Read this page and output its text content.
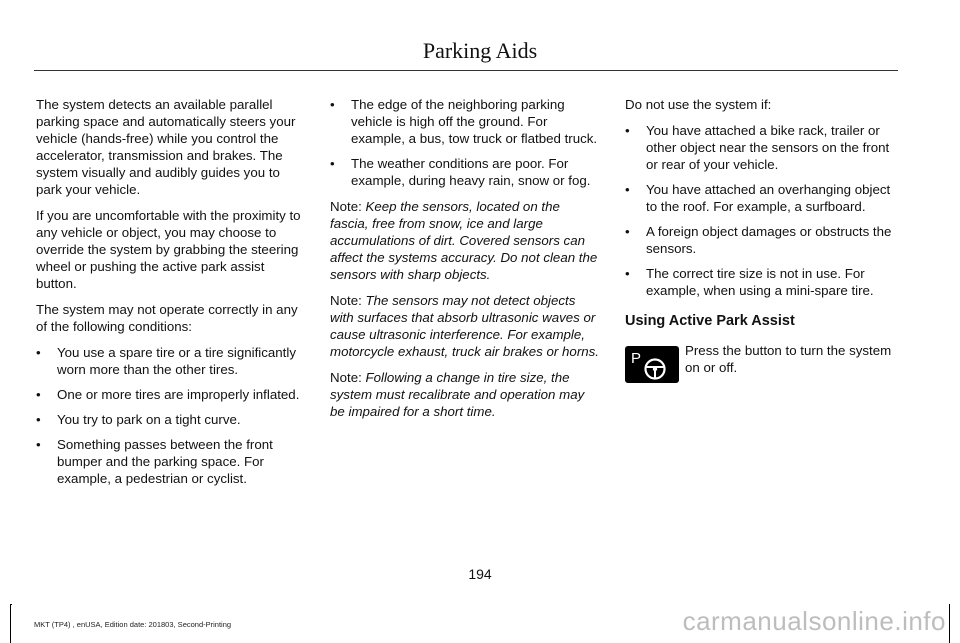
Parking Aids

The system detects an available parallel parking space and automatically steers your vehicle (hands-free) while you control the accelerator, transmission and brakes. The system visually and audibly guides you to park your vehicle.

If you are uncomfortable with the proximity to any vehicle or object, you may choose to override the system by grabbing the steering wheel or pushing the active park assist button.

The system may not operate correctly in any of the following conditions:

• You use a spare tire or a tire significantly worn more than the other tires.
• One or more tires are improperly inflated.
• You try to park on a tight curve.
• Something passes between the front bumper and the parking space. For example, a pedestrian or cyclist.
• The edge of the neighboring parking vehicle is high off the ground. For example, a bus, tow truck or flatbed truck.
• The weather conditions are poor. For example, during heavy rain, snow or fog.

Note: Keep the sensors, located on the fascia, free from snow, ice and large accumulations of dirt. Covered sensors can affect the systems accuracy. Do not clean the sensors with sharp objects.

Note: The sensors may not detect objects with surfaces that absorb ultrasonic waves or cause ultrasonic interference. For example, motorcycle exhaust, truck air brakes or horns.

Note: Following a change in tire size, the system must recalibrate and operation may be impaired for a short time.

Do not use the system if:

• You have attached a bike rack, trailer or other object near the sensors on the front or rear of your vehicle.
• You have attached an overhanging object to the roof. For example, a surfboard.
• A foreign object damages or obstructs the sensors.
• The correct tire size is not in use. For example, when using a mini-spare tire.
Using Active Park Assist
P	Press the button to turn the system on or off.
194
MKT (TP4) , enUSA, Edition date: 201803, Second-Printing	carmanualsonline.info
